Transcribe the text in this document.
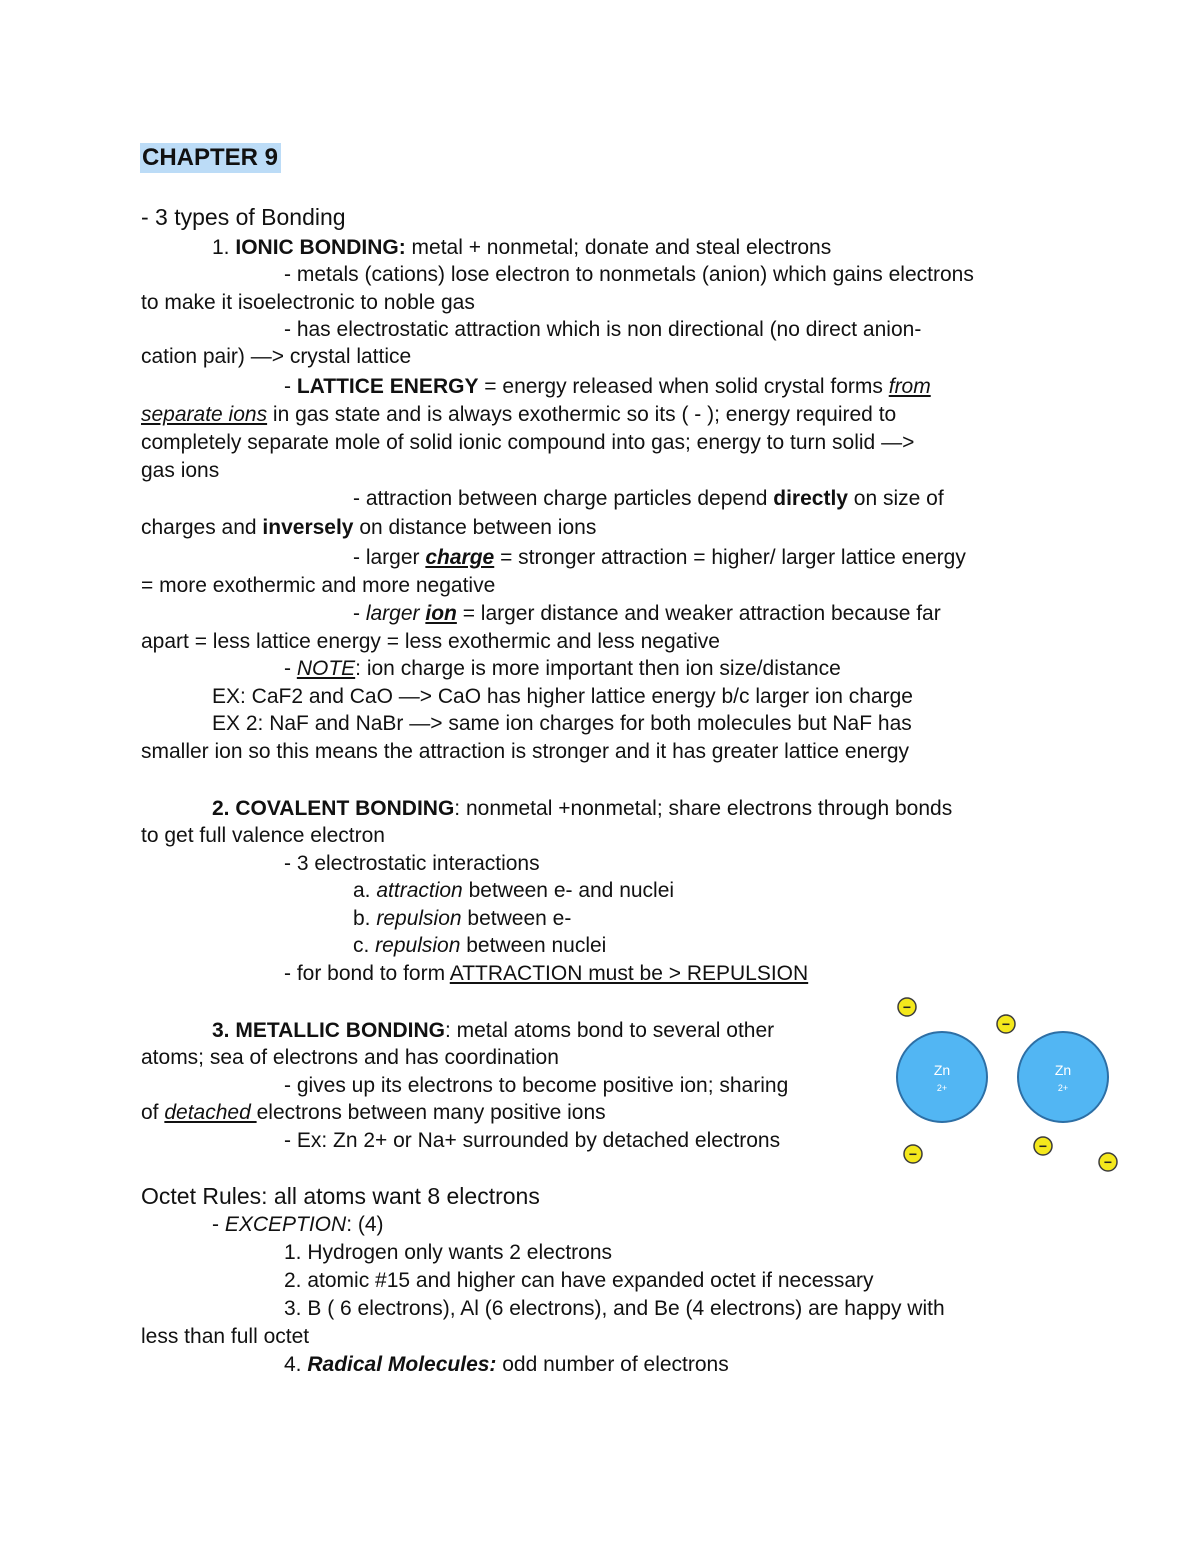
CHAPTER 9
- 3 types of Bonding
1. IONIC BONDING: metal + nonmetal; donate and steal electrons
- metals (cations) lose electron to nonmetals (anion) which gains electrons
to make it isoelectronic to noble gas
- has electrostatic attraction which is non directional (no direct anion-
cation pair) —> crystal lattice
- LATTICE ENERGY = energy released when solid crystal forms from
separate ions in gas state and is always exothermic so its ( - ); energy required to
completely separate mole of solid ionic compound into gas; energy to turn solid —>
gas ions
- attraction between charge particles depend directly on size of
charges and inversely on distance between ions
- larger charge = stronger attraction = higher/ larger lattice energy
= more exothermic and more negative
- larger ion = larger distance and weaker attraction because far
apart = less lattice energy = less exothermic and less negative
- NOTE: ion charge is more important then ion size/distance
EX: CaF2 and CaO —> CaO has higher lattice energy b/c larger ion charge
EX 2: NaF and NaBr —> same ion charges for both molecules but NaF has
smaller ion so this means the attraction is stronger and it has greater lattice energy
2. COVALENT BONDING: nonmetal +nonmetal; share electrons through bonds
to get full valence electron
- 3 electrostatic interactions
a. attraction between e- and nuclei
b. repulsion between e-
c. repulsion between nuclei
- for bond to form ATTRACTION must be > REPULSION
3. METALLIC BONDING: metal atoms bond to several other
atoms; sea of electrons and has coordination
- gives up its electrons to become positive ion; sharing
of detached electrons between many positive ions
- Ex: Zn 2+ or Na+ surrounded by detached electrons
Zn
2+
Zn
2+
−
−
−	−
−
Octet Rules: all atoms want 8 electrons
- EXCEPTION: (4)
1. Hydrogen only wants 2 electrons
2. atomic #15 and higher can have expanded octet if necessary
3. B ( 6 electrons), Al (6 electrons), and Be (4 electrons) are happy with
less than full octet
4. Radical Molecules: odd number of electrons
